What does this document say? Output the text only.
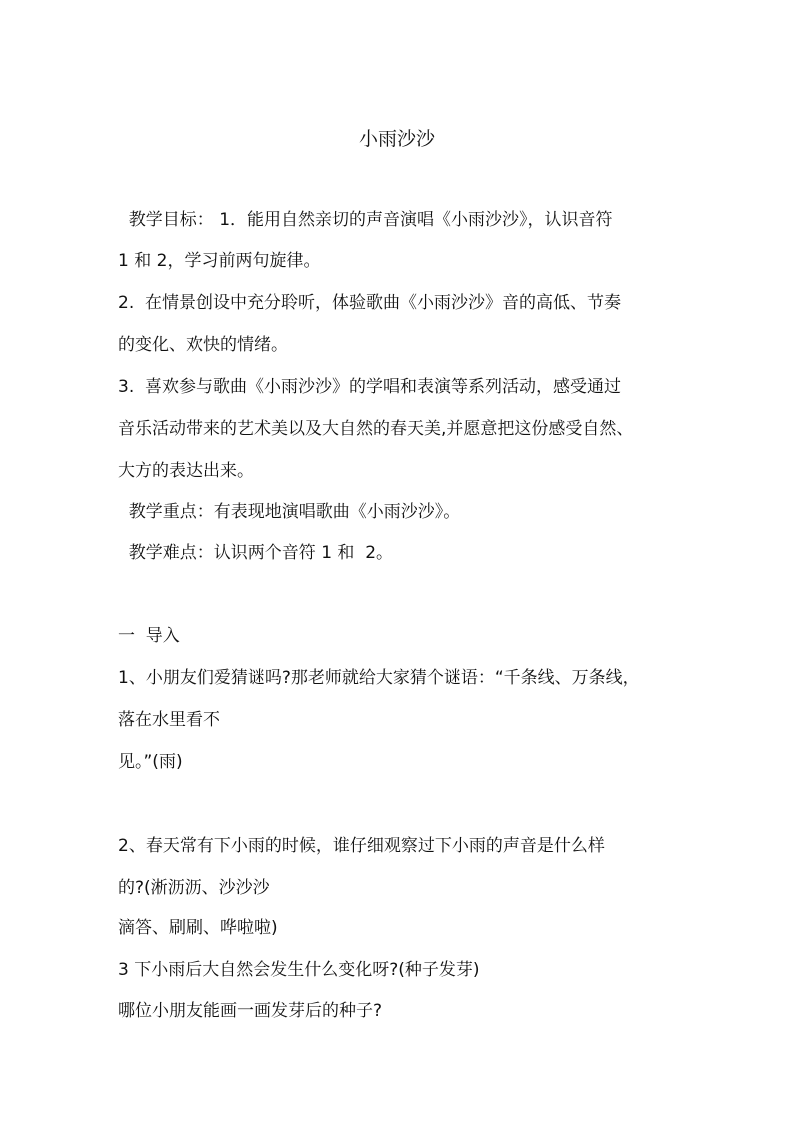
小雨沙沙
教学目标： 1．能用自然亲切的声音演唱《小雨沙沙》，认识音符
1 和 2，学习前两句旋律。
2.  在情景创设中充分聆听，体验歌曲《小雨沙沙》音的高低、节奏
的变化、欢快的情绪。
3.  喜欢参与歌曲《小雨沙沙》的学唱和表演等系列活动，感受通过
音乐活动带来的艺术美以及大自然的春天美,并愿意把这份感受自然、
大方的表达出来。
教学重点：有表现地演唱歌曲《小雨沙沙》。
教学难点：认识两个音符 1 和  2。
一  导入
1、小朋友们爱猜谜吗?那老师就给大家猜个谜语：“千条线、万条线，
落在水里看不
见。”(雨)
2、春天常有下小雨的时候，谁仔细观察过下小雨的声音是什么样
的?(淅沥沥、沙沙沙
滴答、刷刷、哗啦啦)
3 下小雨后大自然会发生什么变化呀?(种子发芽)
哪位小朋友能画一画发芽后的种子?
